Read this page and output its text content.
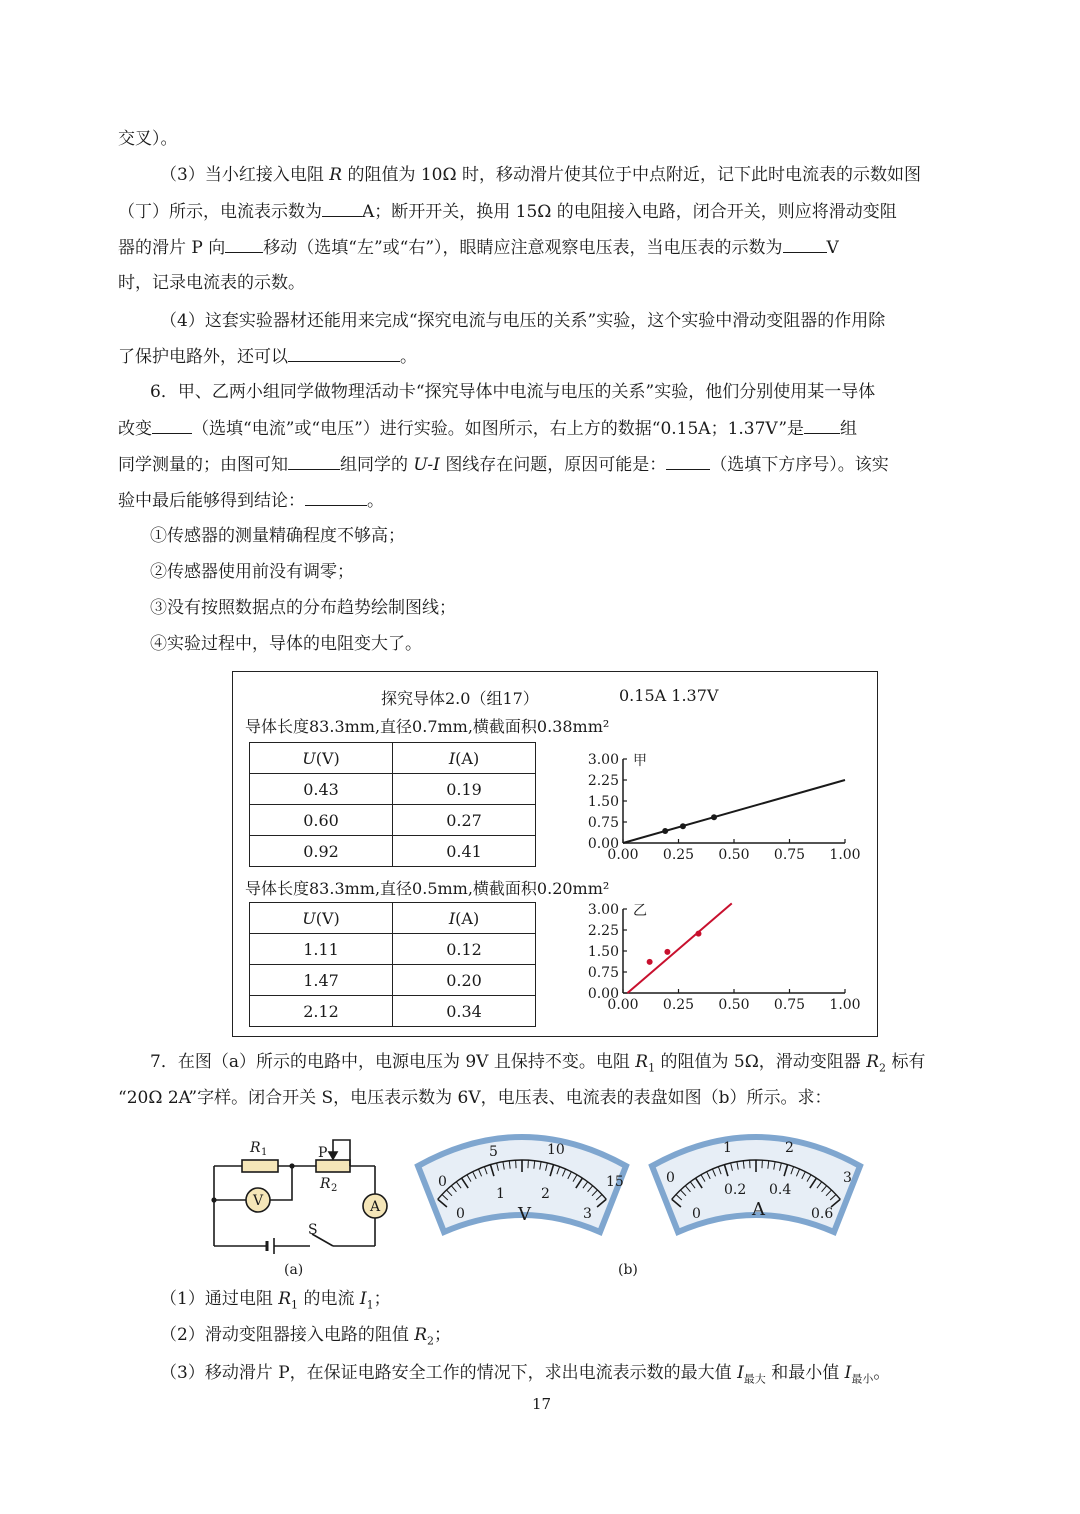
交叉）。
（3）当小红接入电阻 R 的阻值为 10Ω 时，移动滑片使其位于中点附近，记下此时电流表的示数如图
（丁）所示，电流表示数为 A；断开开关，换用 15Ω 的电阻接入电路，闭合开关，则应将滑动变阻
器的滑片 P 向 移动（选填“左”或“右”），眼睛应注意观察电压表，当电压表的示数为	V
时，记录电流表的示数。
（4）这套实验器材还能用来完成“探究电流与电压的关系”实验，这个实验中滑动变阻器的作用除
了保护电路外，还可以	。
6．甲、乙两小组同学做物理活动卡“探究导体中电流与电压的关系”实验，他们分别使用某一导体
改变 （选填“电流”或“电压”）进行实验。如图所示，右上方的数据“0.15A；1.37V”是 组
同学测量的；由图可知	组同学的 U-I 图线存在问题，原因可能是：	（选填下方序号）。该实
验中最后能够得到结论：	。
①传感器的测量精确程度不够高；
②传感器使用前没有调零；
③没有按照数据点的分布趋势绘制图线；
④实验过程中，导体的电阻变大了。
探究导体2.0（组17）	0.15A 1.37V
导体长度83.3mm,直径0.7mm,横截面积0.38mm²
U(V)	I(A)
0.43	0.19
0.60	0.27
0.92	0.41
导体长度83.3mm,直径0.5mm,横截面积0.20mm²
U(V)	I(A)
1.11	0.12
1.47	0.20
2.12	0.34
0.00
0.75
1.50
2.25
3.00
0.00 0.25 0.50 0.75 1.00
甲
0.00
0.75
1.50
2.25
3.00
0.00 0.25 0.50 0.75 1.00
乙
7．在图（a）所示的电路中，电源电压为 9V 且保持不变。电阻 $R_1$ 的阻值为 5Ω，滑动变阻器 $R_2$ 标有
“20Ω 2A”字样。闭合开关 S，电压表示数为 6V，电压表、电流表的表盘如图（b）所示。求：
R 1	P
R 2
V	A
S
(a)
0
5	10
15
0
1	2
3
V
0
1	2
3
0
0.2 0.4
0.6
A
(b)
（1）通过电阻 $R_1$ 的电流 $I_1$；
（2）滑动变阻器接入电路的阻值 $R_2$；
（3）移动滑片 P，在保证电路安全工作的情况下，求出电流表示数的最大值 $I_{最大}$ 和最小值 $I_{最小}$。
17
